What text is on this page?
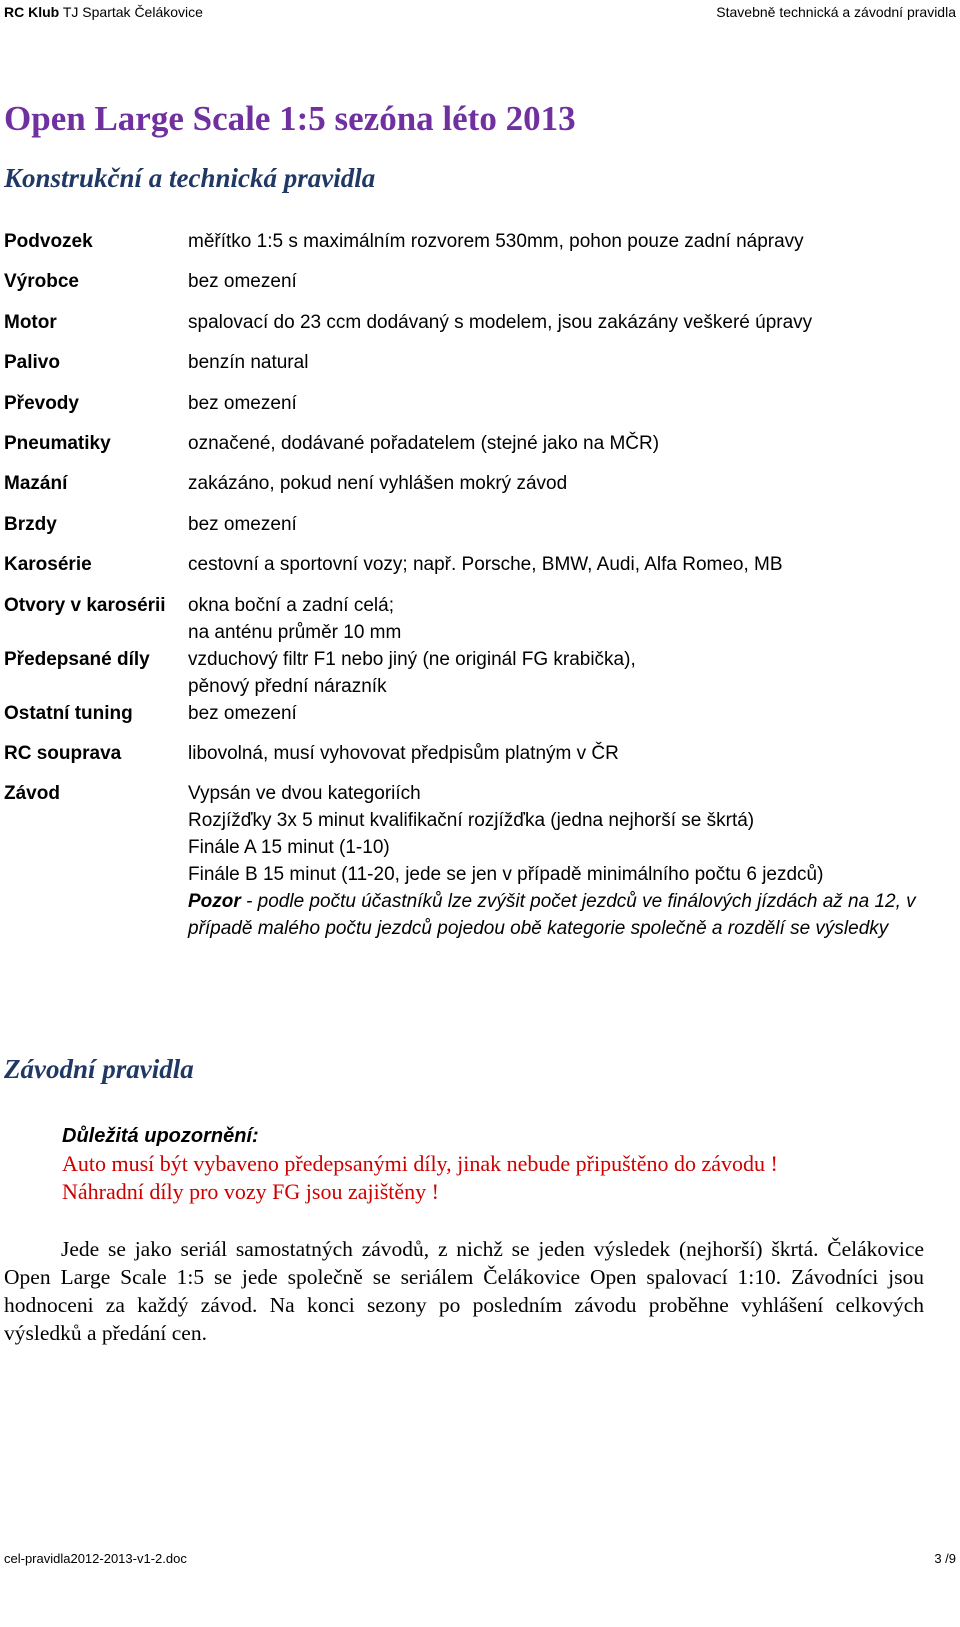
RC Klub TJ Spartak Čelákovice	Stavebně technická a závodní pravidla
Open Large Scale 1:5 sezóna léto 2013
Konstrukční a technická pravidla
Podvozek	měřítko 1:5 s maximálním rozvorem 530mm, pohon pouze zadní nápravy
Výrobce	bez omezení
Motor	spalovací do 23 ccm dodávaný s modelem, jsou zakázány veškeré úpravy
Palivo	benzín natural
Převody	bez omezení
Pneumatiky	označené, dodávané pořadatelem (stejné jako na MČR)
Mazání	zakázáno, pokud není vyhlášen mokrý závod
Brzdy	bez omezení
Karosérie	cestovní a sportovní vozy; např. Porsche, BMW, Audi, Alfa Romeo, MB
Otvory v karosérii	okna boční a zadní celá;
na anténu průměr 10 mm
Předepsané díly	vzduchový filtr F1 nebo jiný (ne originál FG krabička),
pěnový přední nárazník
Ostatní tuning	bez omezení
RC souprava	libovolná, musí vyhovovat předpisům platným v ČR
Závod	Vypsán ve dvou kategoriích
Rozjížďky 3x 5 minut kvalifikační rozjížďka (jedna nejhorší se škrtá)
Finále A 15 minut (1-10)
Finále B 15 minut (11-20, jede se jen v případě minimálního počtu 6 jezdců)
Pozor - podle počtu účastníků lze zvýšit počet jezdců ve finálových jízdách až na 12, v případě malého počtu jezdců pojedou obě kategorie společně a rozdělí se výsledky
Závodní pravidla
Důležitá upozornění:
Auto musí být vybaveno předepsanými díly, jinak nebude připuštěno do závodu !
Náhradní díly pro vozy FG jsou zajištěny !

Jede se jako seriál samostatných závodů, z nichž se jeden výsledek (nejhorší) škrtá. Čelákovice Open Large Scale 1:5 se jede společně se seriálem Čelákovice Open spalovací 1:10. Závodníci jsou hodnoceni za každý závod. Na konci sezony po posledním závodu proběhne vyhlášení celkových výsledků a předání cen.

cel-pravidla2012-2013-v1-2.doc	3 /9
